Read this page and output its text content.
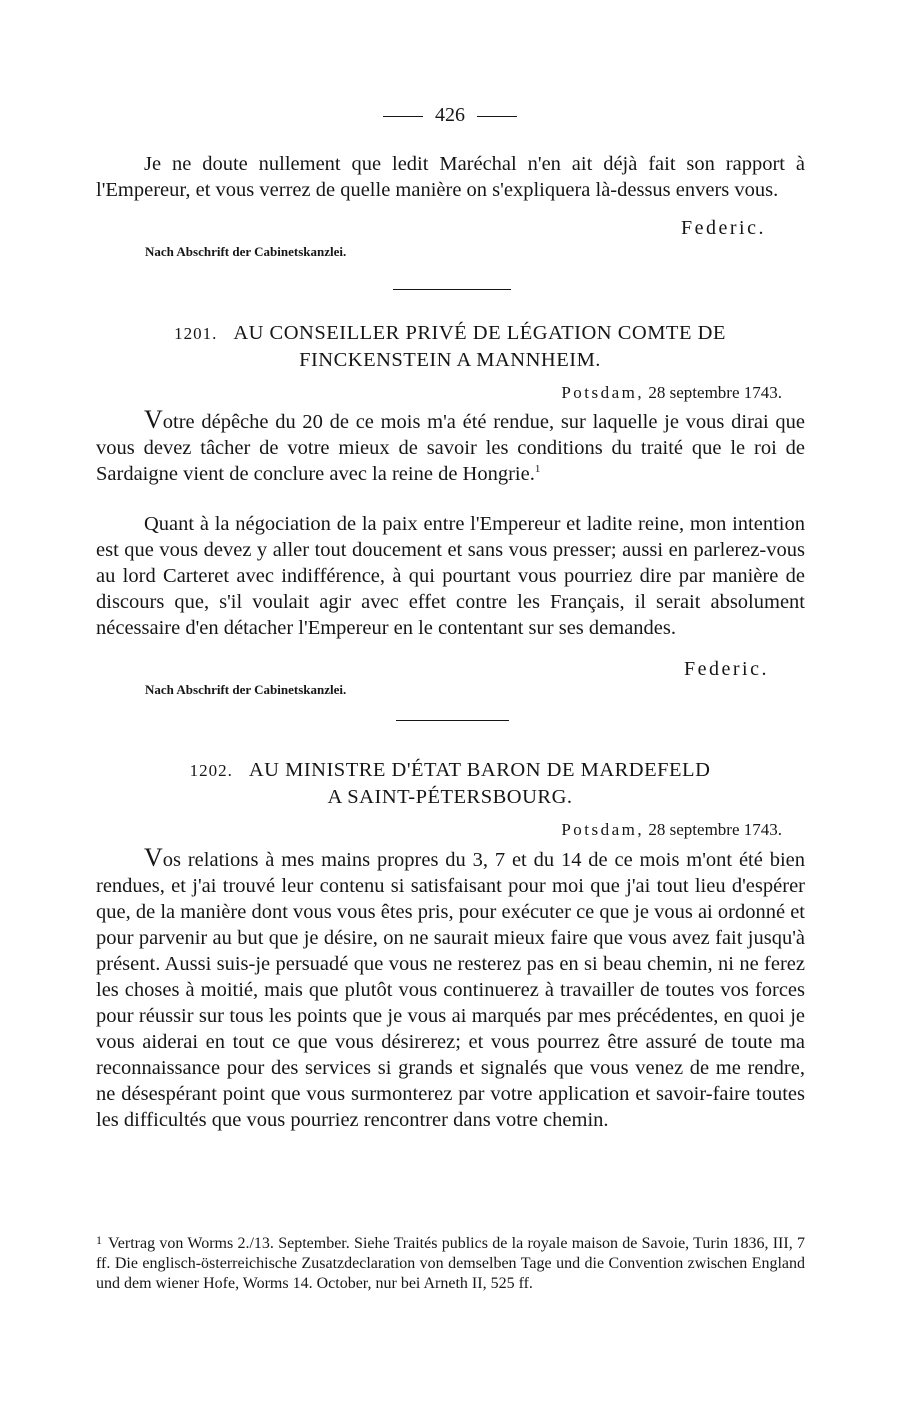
426
Je ne doute nullement que ledit Maréchal n'en ait déjà fait son rapport à l'Empereur, et vous verrez de quelle manière on s'expliquera là-dessus envers vous.
Federic.
Nach Abschrift der Cabinetskanzlei.
1201. AU CONSEILLER PRIVÉ DE LÉGATION COMTE DE
FINCKENSTEIN A MANNHEIM.
Potsdam, 28 septembre 1743.
Votre dépêche du 20 de ce mois m'a été rendue, sur laquelle je vous dirai que vous devez tâcher de votre mieux de savoir les conditions du traité que le roi de Sardaigne vient de conclure avec la reine de Hongrie.$^1$
Quant à la négociation de la paix entre l'Empereur et ladite reine, mon intention est que vous devez y aller tout doucement et sans vous presser; aussi en parlerez-vous au lord Carteret avec indifférence, à qui pourtant vous pourriez dire par manière de discours que, s'il voulait agir avec effet contre les Français, il serait absolument nécessaire d'en détacher l'Empereur en le contentant sur ses demandes.
Federic.
Nach Abschrift der Cabinetskanzlei.
1202. AU MINISTRE D'ÉTAT BARON DE MARDEFELD
A SAINT-PÉTERSBOURG.
Potsdam, 28 septembre 1743.
Vos relations à mes mains propres du 3, 7 et du 14 de ce mois m'ont été bien rendues, et j'ai trouvé leur contenu si satisfaisant pour moi que j'ai tout lieu d'espérer que, de la manière dont vous vous êtes pris, pour exécuter ce que je vous ai ordonné et pour parvenir au but que je désire, on ne saurait mieux faire que vous avez fait jusqu'à présent. Aussi suis-je persuadé que vous ne resterez pas en si beau chemin, ni ne ferez les choses à moitié, mais que plutôt vous continuerez à travailler de toutes vos forces pour réussir sur tous les points que je vous ai marqués par mes précédentes, en quoi je vous aiderai en tout ce que vous désirerez; et vous pourrez être assuré de toute ma reconnaissance pour des services si grands et signalés que vous venez de me rendre, ne désespérant point que vous surmonterez par votre application et savoir-faire toutes les difficultés que vous pourriez rencontrer dans votre chemin.
$^1$ Vertrag von Worms 2./13. September. Siehe Traités publics de la royale maison de Savoie, Turin 1836, III, 7 ff. Die englisch-österreichische Zusatzdeclaration von demselben Tage und die Convention zwischen England und dem wiener Hofe, Worms 14. October, nur bei Arneth II, 525 ff.
